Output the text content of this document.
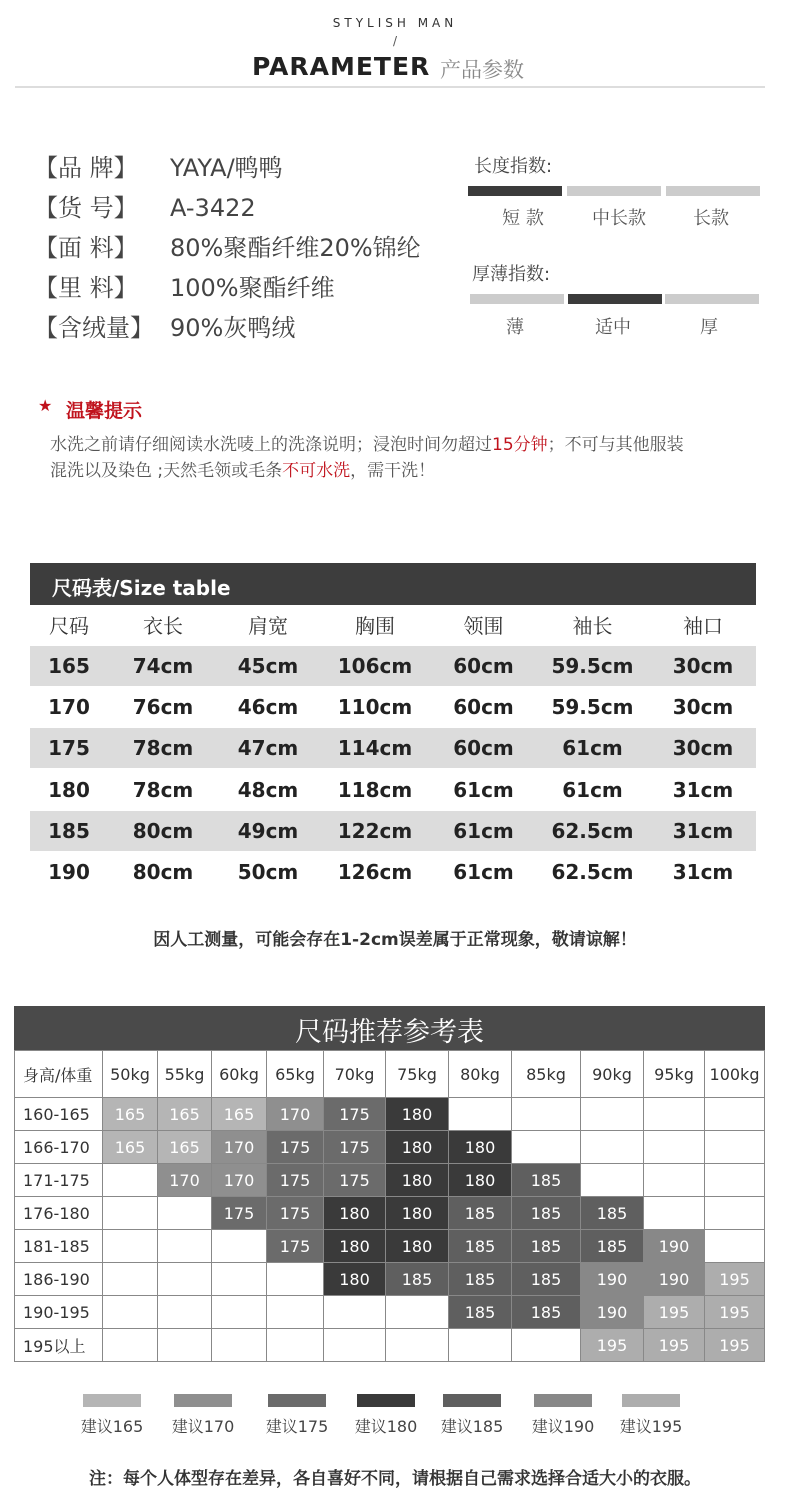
STYLISH MAN
/
PARAMETER 产品参数
【品 牌】 YAYA/鸭鸭
【货 号】 A-3422
【面 料】 80%聚酯纤维20%锦纶
【里 料】 100%聚酯纤维
【含绒量】 90%灰鸭绒
长度指数:
短 款	中长款	长款
厚薄指数:
薄	适中	厚
★ 温馨提示
水洗之前请仔细阅读水洗唛上的洗涤说明；浸泡时间勿超过15分钟；不可与其他服装
混洗以及染色 ;天然毛领或毛条不可水洗，需干洗！
尺码表/Size table
尺码	衣长	肩宽	胸围	领围	袖长	袖口
165	74cm	45cm	106cm	60cm	59.5cm	30cm
170	76cm	46cm	110cm	60cm	59.5cm	30cm
175	78cm	47cm	114cm	60cm	61cm	30cm
180	78cm	48cm	118cm	61cm	61cm	31cm
185	80cm	49cm	122cm	61cm	62.5cm	31cm
190	80cm	50cm	126cm	61cm	62.5cm	31cm
因人工测量，可能会存在1-2cm误差属于正常现象，敬请谅解！
尺码推荐参考表
身高/体重	50kg	55kg	60kg	65kg	70kg	75kg	80kg	85kg	90kg	95kg	100kg
160-165	165	165	165	170	175	180					
166-170	165	165	170	175	175	180	180				
171-175		170	170	175	175	180	180	185			
176-180			175	175	180	180	185	185	185		
181-185				175	180	180	185	185	185	190	
186-190					180	185	185	185	190	190	195
190-195							185	185	190	195	195
195以上									195	195	195
建议165	建议170	建议175	建议180	建议185	建议190	建议195
注：每个人体型存在差异，各自喜好不同，请根据自己需求选择合适大小的衣服。
